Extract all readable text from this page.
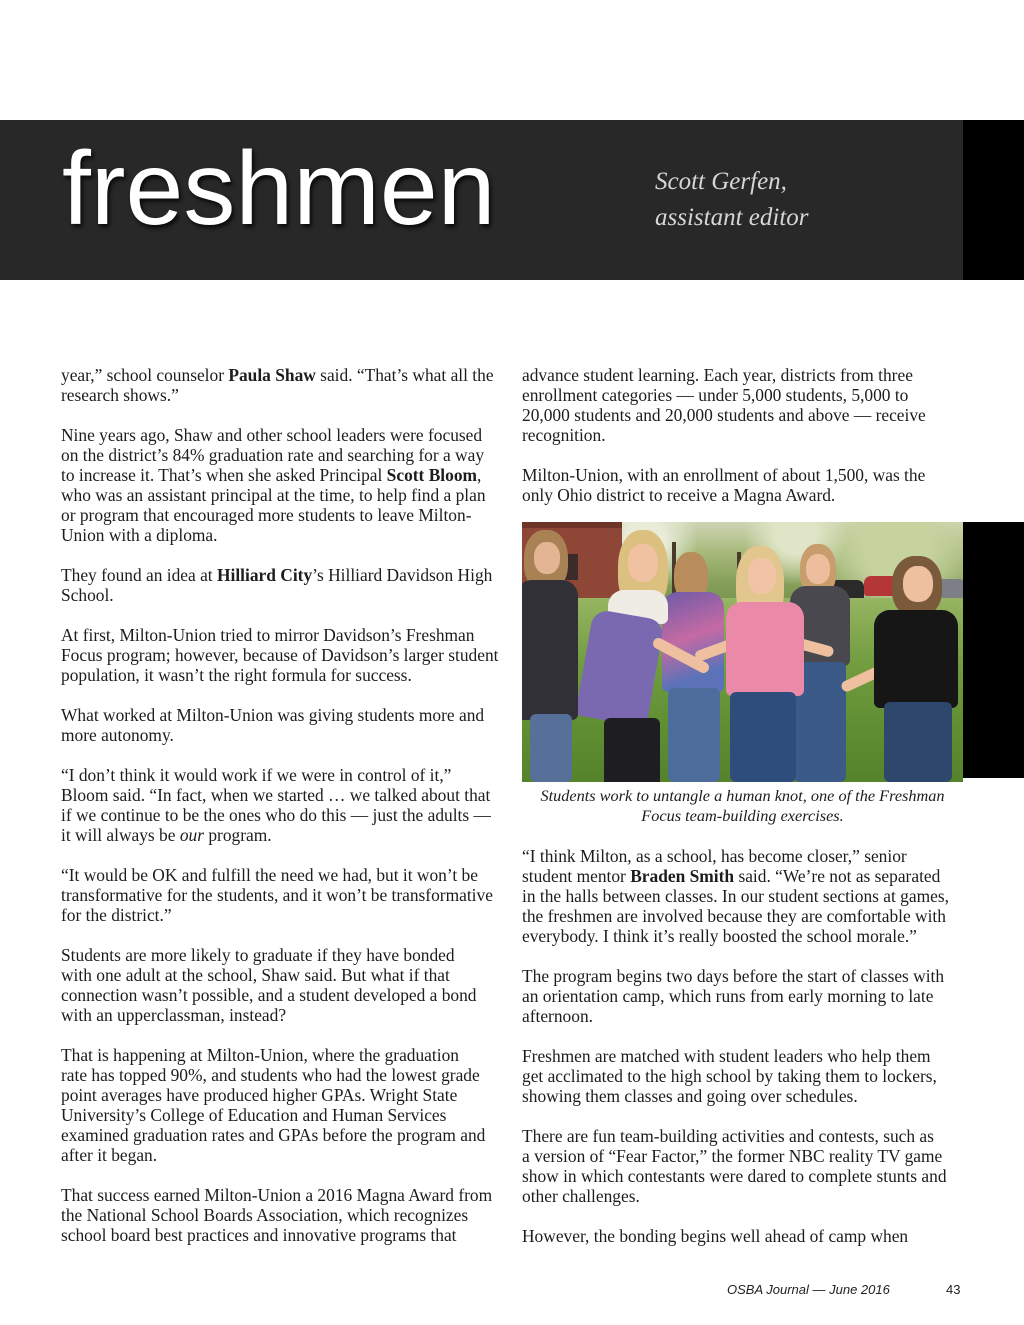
freshmen	Scott Gerfen,
assistant editor
year,” school counselor Paula Shaw said. “That’s what all the
research shows.”
Nine years ago, Shaw and other school leaders were focused
on the district’s 84% graduation rate and searching for a way
to increase it. That’s when she asked Principal Scott Bloom,
who was an assistant principal at the time, to help find a plan
or program that encouraged more students to leave Milton-
Union with a diploma.
They found an idea at Hilliard City’s Hilliard Davidson High
School.
At first, Milton-Union tried to mirror Davidson’s Freshman
Focus program; however, because of Davidson’s larger student
population, it wasn’t the right formula for success.
What worked at Milton-Union was giving students more and
more autonomy.
“I don’t think it would work if we were in control of it,”
Bloom said. “In fact, when we started … we talked about that
if we continue to be the ones who do this — just the adults —
it will always be our program.
“It would be OK and fulfill the need we had, but it won’t be
transformative for the students, and it won’t be transformative
for the district.”
Students are more likely to graduate if they have bonded
with one adult at the school, Shaw said. But what if that
connection wasn’t possible, and a student developed a bond
with an upperclassman, instead?
That is happening at Milton-Union, where the graduation
rate has topped 90%, and students who had the lowest grade
point averages have produced higher GPAs. Wright State
University’s College of Education and Human Services
examined graduation rates and GPAs before the program and
after it began.
That success earned Milton-Union a 2016 Magna Award from
the National School Boards Association, which recognizes
school board best practices and innovative programs that
advance student learning. Each year, districts from three
enrollment categories — under 5,000 students, 5,000 to
20,000 students and 20,000 students and above — receive
recognition.
Milton-Union, with an enrollment of about 1,500, was the
only Ohio district to receive a Magna Award.
Students work to untangle a human knot, one of the Freshman
Focus team-building exercises.
“I think Milton, as a school, has become closer,” senior
student mentor Braden Smith said. “We’re not as separated
in the halls between classes. In our student sections at games,
the freshmen are involved because they are comfortable with
everybody. I think it’s really boosted the school morale.”
The program begins two days before the start of classes with
an orientation camp, which runs from early morning to late
afternoon.
Freshmen are matched with student leaders who help them
get acclimated to the high school by taking them to lockers,
showing them classes and going over schedules.
There are fun team-building activities and contests, such as
a version of “Fear Factor,” the former NBC reality TV game
show in which contestants were dared to complete stunts and
other challenges.
However, the bonding begins well ahead of camp when
OSBA Journal — June 2016	43
